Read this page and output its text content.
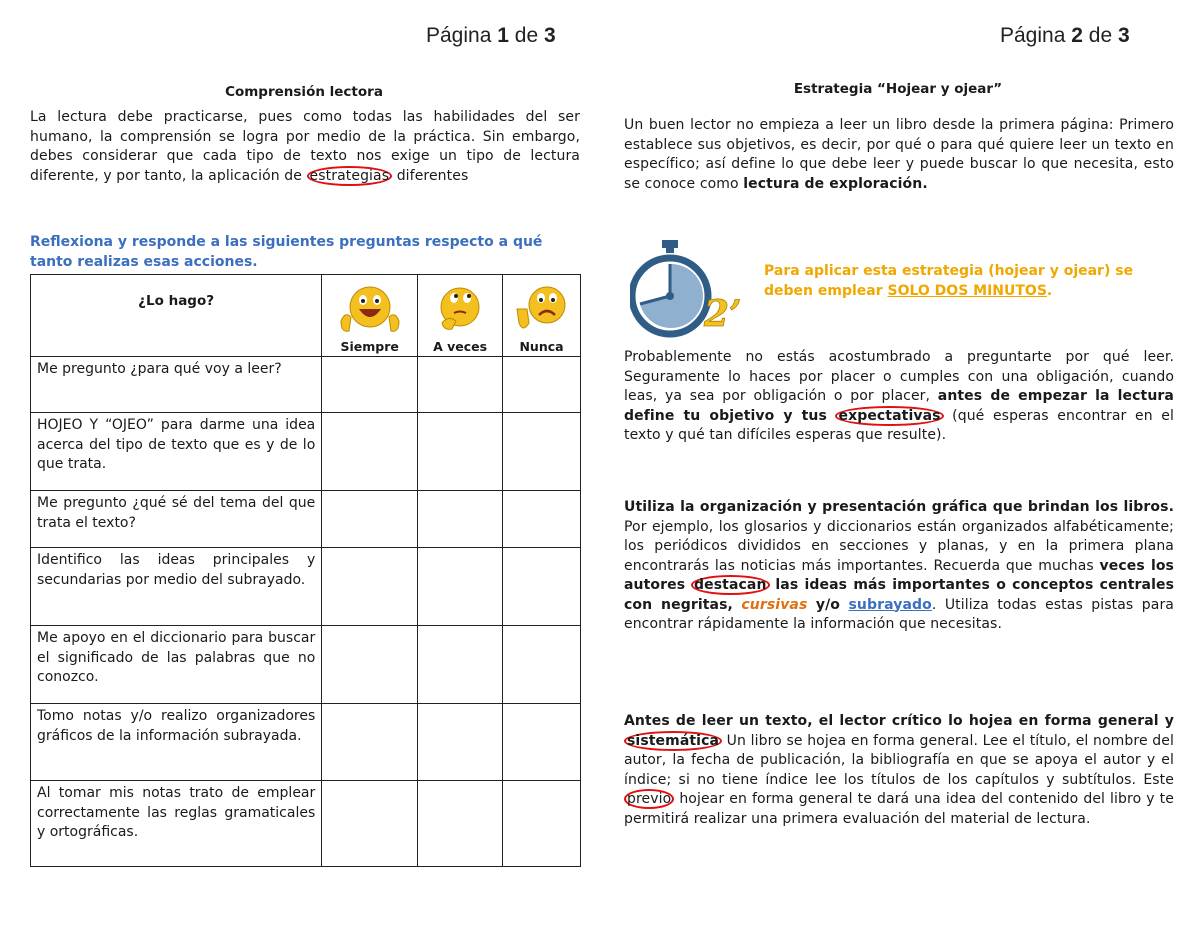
Página 1 de 3
Comprensión lectora
La lectura debe practicarse, pues como todas las habilidades del ser humano, la comprensión se logra por medio de la práctica. Sin embargo, debes considerar que cada tipo de texto nos exige un tipo de lectura diferente, y por tanto, la aplicación de estrategias diferentes
Reflexiona y responde a las siguientes preguntas respecto a qué tanto realizas esas acciones.
¿Lo hago?	Siempre	A veces	Nunca
Me pregunto ¿para qué voy a leer?			
HOJEO Y “OJEO” para darme una idea acerca del tipo de texto que es y de lo que trata.			
Me pregunto ¿qué sé del tema del que trata el texto?			
Identifico las ideas principales y secundarias por medio del subrayado.			
Me apoyo en el diccionario para buscar el significado de las palabras que no conozco.			
Tomo notas y/o realizo organizadores gráficos de la información subrayada.			
Al tomar mis notas trato de emplear correctamente las reglas gramaticales y ortográficas.			
Página 2 de 3
Estrategia “Hojear y ojear”
Un buen lector no empieza a leer un libro desde la primera página: Primero establece sus objetivos, es decir, por qué o para qué quiere leer un texto en específico; así define lo que debe leer y puede buscar lo que necesita, esto se conoce como lectura de exploración.
2’
Para aplicar esta estrategia (hojear y ojear) se deben emplear SOLO DOS MINUTOS.
Probablemente no estás acostumbrado a preguntarte por qué leer. Seguramente lo haces por placer o cumples con una obligación, cuando leas, ya sea por obligación o por placer, antes de empezar la lectura define tu objetivo y tus expectativas (qué esperas encontrar en el texto y qué tan difíciles esperas que resulte).
Utiliza la organización y presentación gráfica que brindan los libros. Por ejemplo, los glosarios y diccionarios están organizados alfabéticamente; los periódicos divididos en secciones y planas, y en la primera plana encontrarás las noticias más importantes. Recuerda que muchas veces los autores destacan las ideas más importantes o conceptos centrales con negritas, cursivas y/o subrayado. Utiliza todas estas pistas para encontrar rápidamente la información que necesitas.
Antes de leer un texto, el lector crítico lo hojea en forma general y sistemática Un libro se hojea en forma general. Lee el título, el nombre del autor, la fecha de publicación, la bibliografía en que se apoya el autor y el índice; si no tiene índice lee los títulos de los capítulos y subtítulos. Este previo hojear en forma general te dará una idea del contenido del libro y te permitirá realizar una primera evaluación del material de lectura.
